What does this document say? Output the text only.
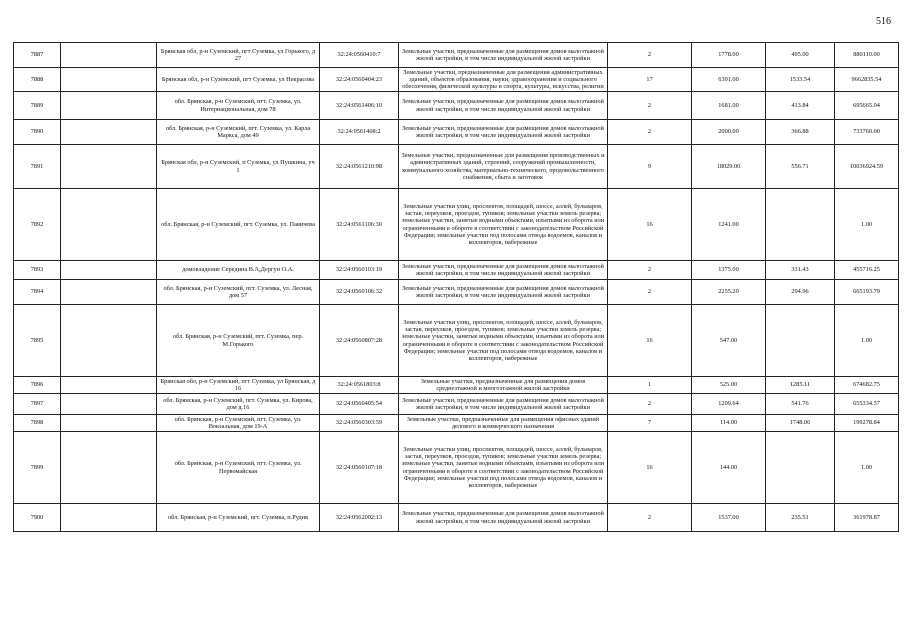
516
7887		Брянская обл, р-н Суземский, пгт Суземка, ул Горького, д 27	32:24:0560410:7	Земельные участки, предназначенные для размещения домов малоэтажной жилой застройки, в том числе индивидуальной жилой застройки	2	1778.00	495.00	880110.00
7888		Брянская обл, р-н Суземский, пгт Суземка, ул Некрасова	32:24:0560404:23	Земельные участки, предназначенные для размещения административных зданий, объектов образования, науки, здравоохранения и социального обеспечения, физической культуры и спорта, культуры, искусства, религии	17	6301.00	1533.54	9662835.54
7889		обл. Брянская, р-н Суземский, пгт. Суземка, ул. Интернациональная, дом 78	32:24:0561406:10	Земельные участки, предназначенные для размещения домов малоэтажной жилой застройки, в том числе индивидуальной жилой застройки	2	1681.00	413.84	695665.04
7890		обл. Брянская, р-н Суземский, пгт. Суземка, ул. Карла Маркса, дом 49	32:24:0561408:2	Земельные участки, предназначенные для размещения домов малоэтажной жилой застройки, в том числе индивидуальной жилой застройки	2	2000.00	366.88	733760.00
7891		Брянская обл, р-н Суземский, п Суземка, ул Пушкина, уч 1	32:24:0561210:98	Земельные участки, предназначенные для размещения производственных и административных зданий, строений, сооружений промышленности, коммунального хозяйства, материально-технического, продовольственного снабжения, сбыта и заготовок	9	18029.00	556.71	10036924.59
7892		обл. Брянская, р-н Суземский, пгт. Суземка, ул. Павичева	32:24:0561106:30	Земельные участки улиц, проспектов, площадей, шоссе, аллей, бульваров, застав, переулков, проездов, тупиков; земельные участки земель резерва; земельные участки, занятые водными объектами, изъятыми из оборота или ограниченными в обороте в соответствии с законодательством Российской Федерации; земельные участки под полосами отвода водоемов, каналов и коллекторов, набережные	16	1241.00		1.00
7893		домовладение Середина В.А,Дергун О.А.	32:24:0560103:19	Земельные участки, предназначенные для размещения домов малоэтажной жилой застройки, в том числе индивидуальной жилой застройки	2	1375.00	331.43	455716.25
7894		обл. Брянская, р-н Суземский, пгт. Суземка, ул. Лесная, дом 57	32:24:0560106:32	Земельные участки, предназначенные для размещения домов малоэтажной жилой застройки, в том числе индивидуальной жилой застройки	2	2255.20	294.96	665193.79
7895		обл. Брянская, р-н Суземский, пгт. Суземка, пер. М.Горького	32:24:0560807:28	Земельные участки улиц, проспектов, площадей, шоссе, аллей, бульваров, застав, переулков, проездов, тупиков; земельные участки земель резерва; земельные участки, занятые водными объектами, изъятыми из оборота или ограниченными в обороте в соответствии с законодательством Российской Федерации; земельные участки под полосами отвода водоемов, каналов и коллекторов, набережные	16	547.00		1.00
7896		Брянская обл, р-н Суземский, пгт Суземка, ул Брянская, д 16	32:24:0561803:8	Земельные участки, предназначенные для размещения домов среднеэтажной и многоэтажной жилой застройки	1	525.00	1285.11	674682.75
7897		обл. Брянская, р-н Суземский, пгт. Суземка, ул. Кирова, дом д.16	32:24:0560405:54	Земельные участки, предназначенные для размещения домов малоэтажной жилой застройки, в том числе индивидуальной жилой застройки	2	1209.64	541.76	655334.57
7898		обл. Брянская, р-н Суземский, пгт. Суземка, ул. Вокзальная, дом 19-А	32:24:0560303:59	Земельные участки, предназначенные для размещения офисных зданий делового и коммерческого назначения	7	114.00	1748.06	199278.84
7899		обл. Брянская, р-н Суземский, пгт. Суземка, ул. Первомайская	32:24:0560107:18	Земельные участки улиц, проспектов, площадей, шоссе, аллей, бульваров, застав, переулков, проездов, тупиков; земельные участки земель резерва; земельные участки, занятые водными объектами, изъятыми из оборота или ограниченными в обороте в соответствии с законодательством Российской Федерации; земельные участки под полосами отвода водоемов, каналов и коллекторов, набережные	16	144.00		1.00
7900		обл. Брянская, р-н Суземский, пгт. Суземка, п.Рудня	32:24:0562002:13	Земельные участки, предназначенные для размещения домов малоэтажной жилой застройки, в том числе индивидуальной жилой застройки	2	1537.00	235.51	361978.87
